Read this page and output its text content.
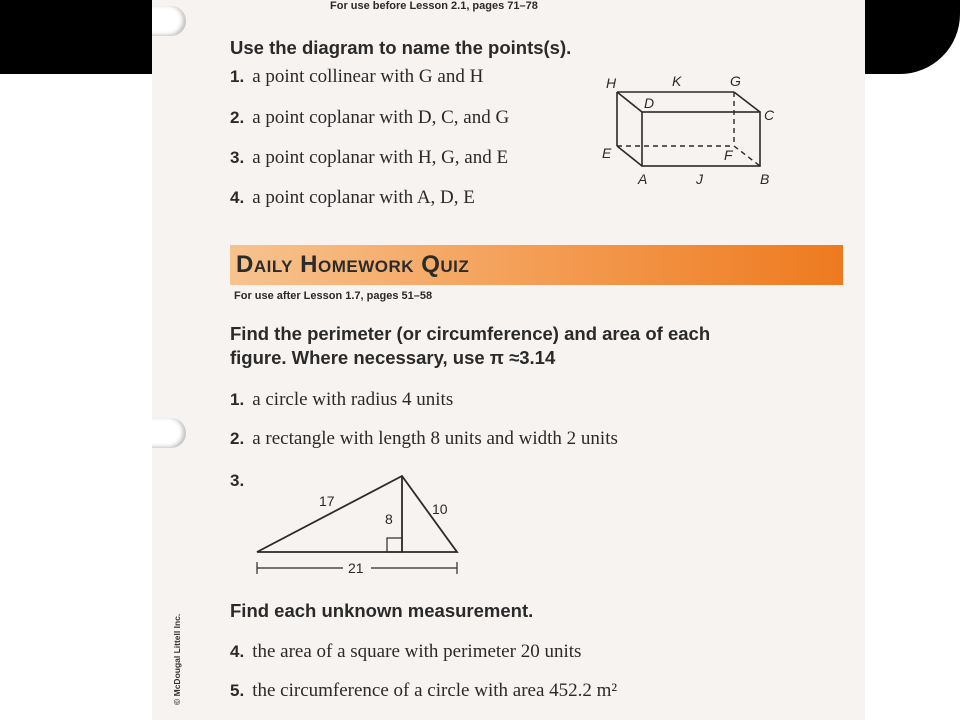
For use before Lesson 2.1, pages 71–78
Use the diagram to name the points(s).
1. a point collinear with G and H
2. a point coplanar with D, C, and G
3. a point coplanar with H, G, and E
4. a point coplanar with A, D, E
H	K	G
D
C
E	F
A	J	B
Daily Homework Quiz
For use after Lesson 1.7, pages 51–58
Find the perimeter (or circumference) and area of each
figure. Where necessary, use π ≈3.14
1. a circle with radius 4 units
2. a rectangle with length 8 units and width 2 units
3.
17	10
8
21
Find each unknown measurement.
4. the area of a square with perimeter 20 units
5. the circumference of a circle with area 452.2 m²
© McDougal Littell Inc.
